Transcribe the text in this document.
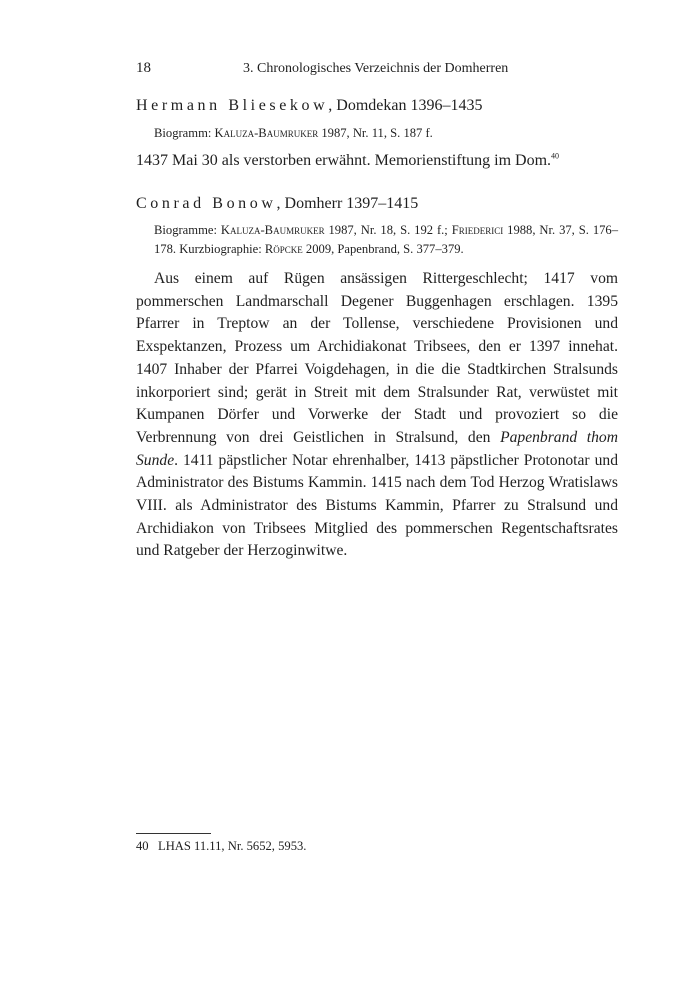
18	3. Chronologisches Verzeichnis der Domherren
Hermann Bliesekow, Domdekan 1396–1435
Biogramm: Kaluza-Baumruker 1987, Nr. 11, S. 187 f.
1437 Mai 30 als verstorben erwähnt. Memorienstiftung im Dom.$^{40}$
Conrad Bonow, Domherr 1397–1415
Biogramme: Kaluza-Baumruker 1987, Nr. 18, S. 192 f.; Friederici 1988, Nr. 37, S. 176–178. Kurzbiographie: Röpcke 2009, Papenbrand, S. 377–379.

Aus einem auf Rügen ansässigen Rittergeschlecht; 1417 vom pommerschen Landmarschall Degener Buggenhagen erschlagen. 1395 Pfarrer in Treptow an der Tollense, verschiedene Provisionen und Exspektanzen, Prozess um Archidiakonat Tribsees, den er 1397 innehat. 1407 Inhaber der Pfarrei Voigdehagen, in die die Stadtkirchen Stralsunds inkorporiert sind; gerät in Streit mit dem Stralsunder Rat, verwüstet mit Kumpanen Dörfer und Vorwerke der Stadt und provoziert so die Verbrennung von drei Geistlichen in Stralsund, den Papenbrand thom Sunde. 1411 päpstlicher Notar ehrenhalber, 1413 päpstlicher Protonotar und Administrator des Bistums Kammin. 1415 nach dem Tod Herzog Wratislaws VIII. als Administrator des Bistums Kammin, Pfarrer zu Stralsund und Archidiakon von Tribsees Mitglied des pommerschen Regentschaftsrates und Ratgeber der Herzoginwitwe.

40 LHAS 11.11, Nr. 5652, 5953.
